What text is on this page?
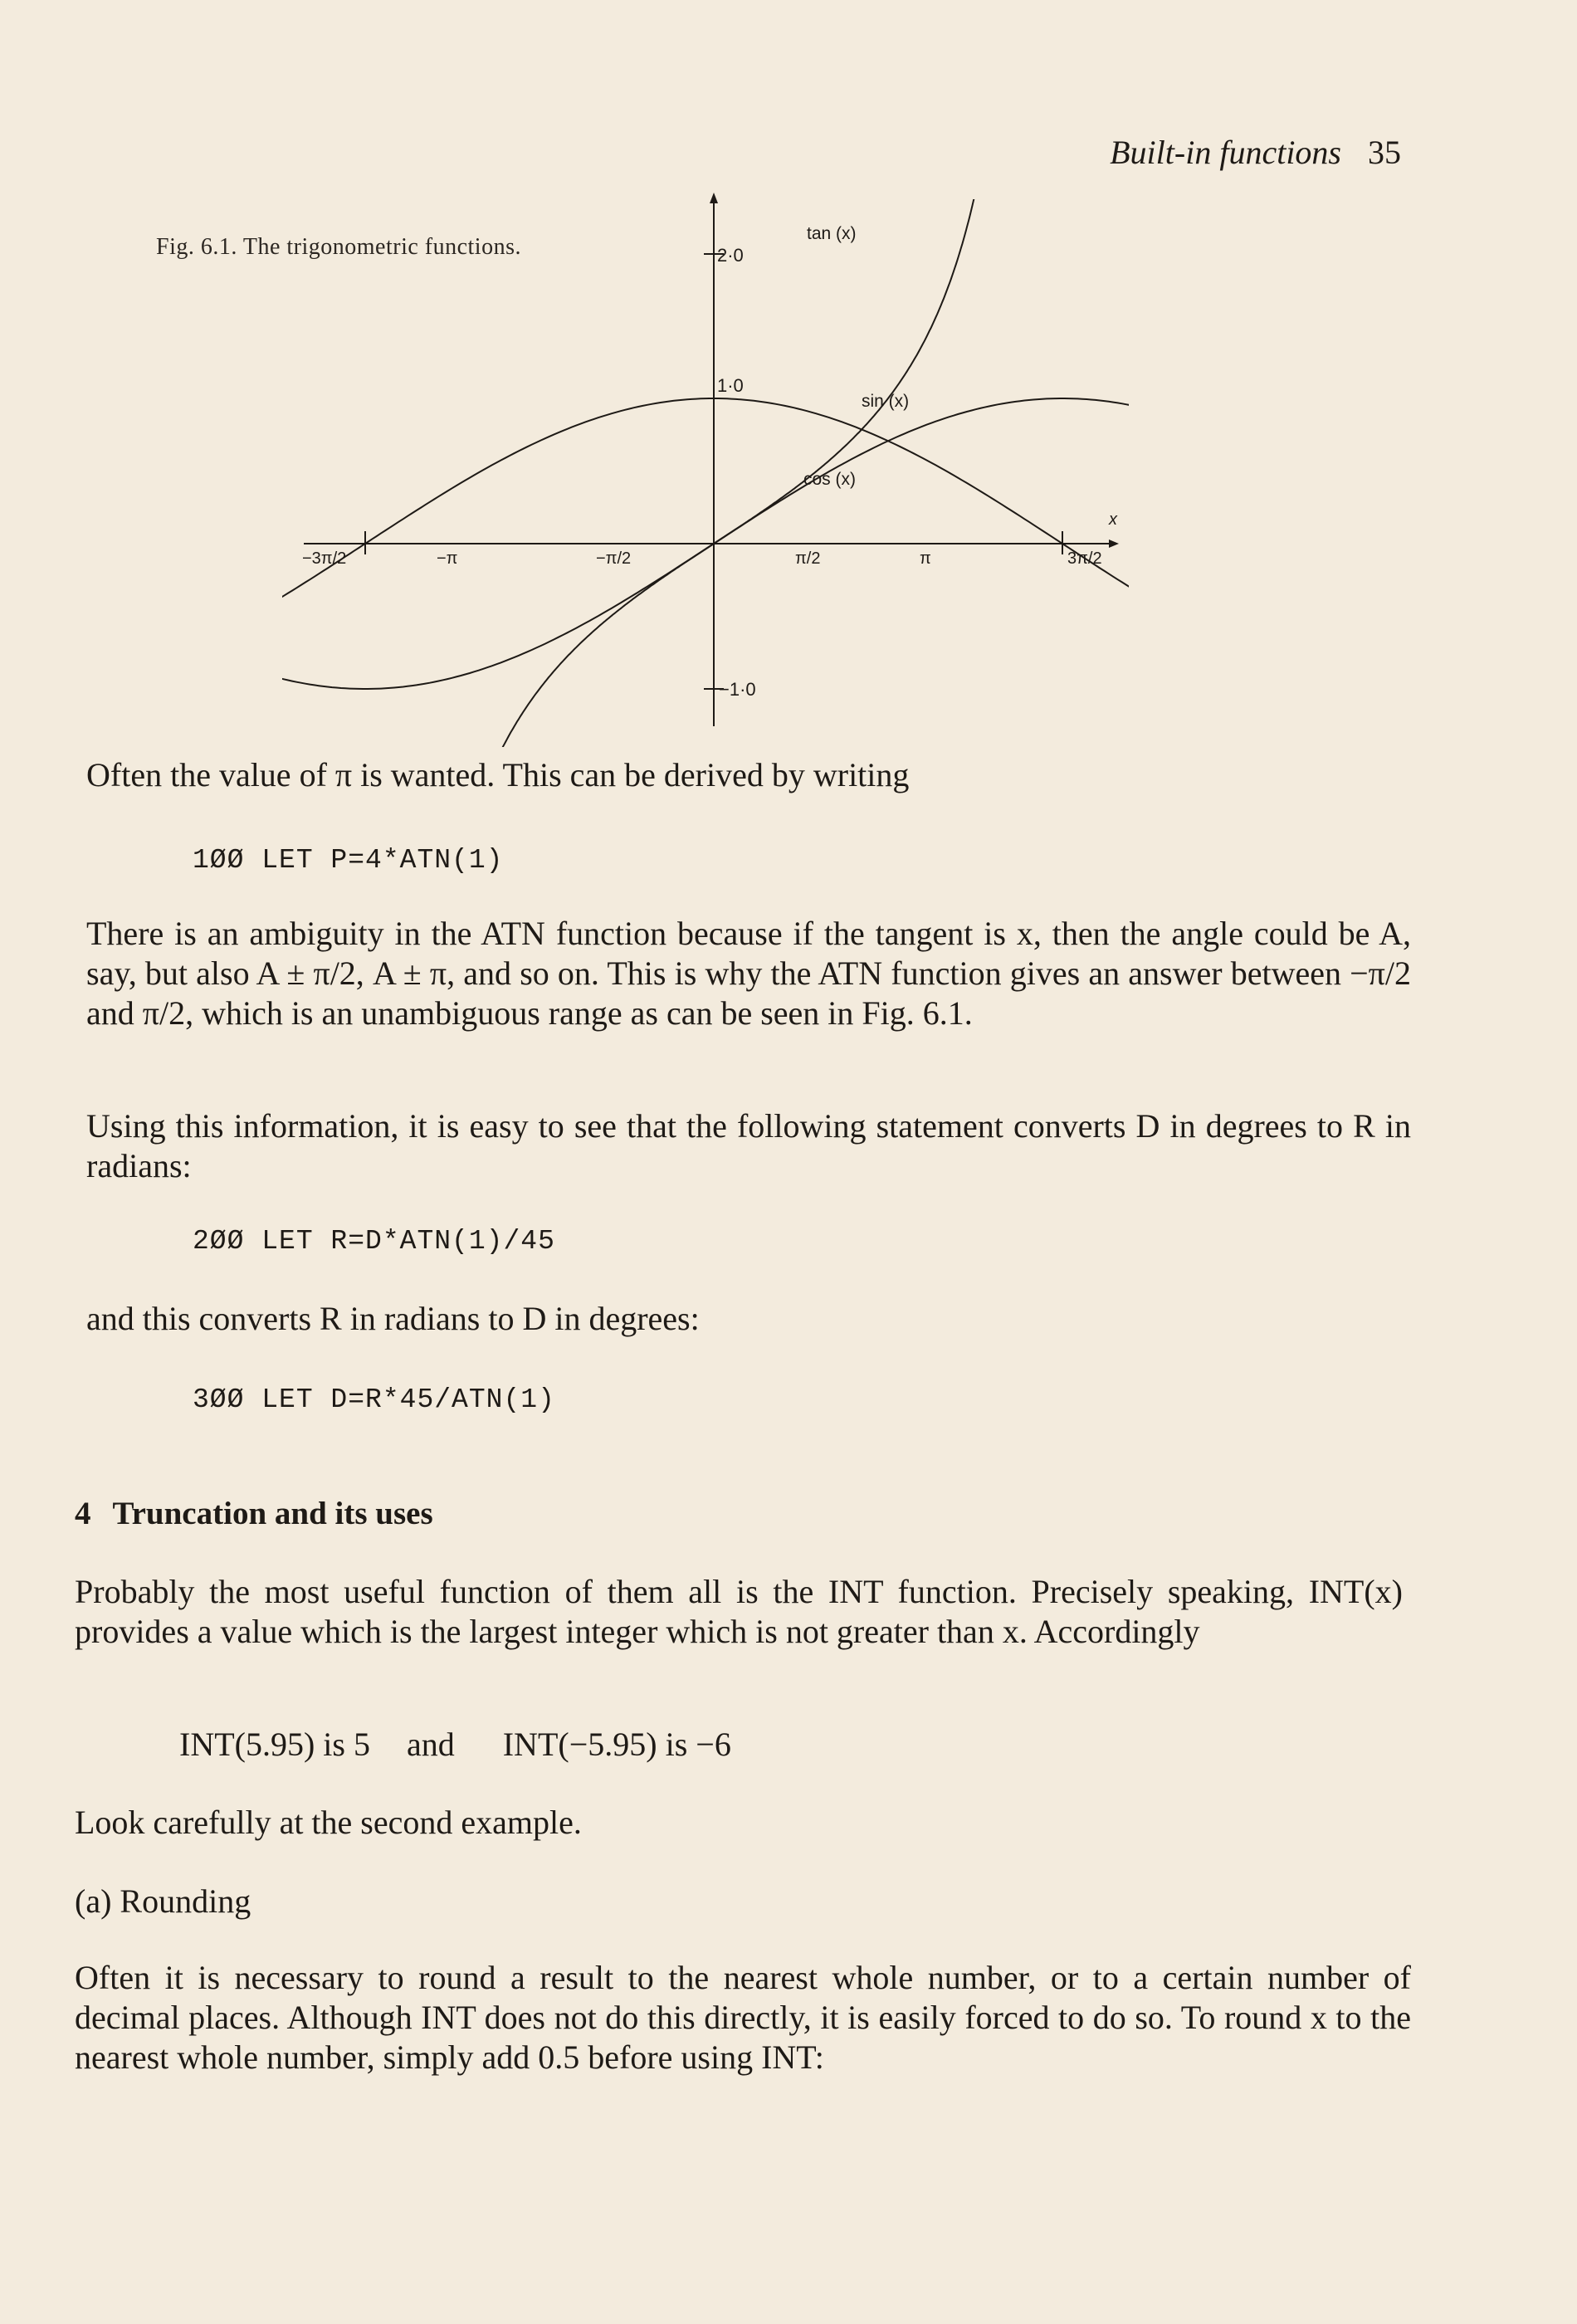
Built-in functions 35
Fig. 6.1. The trigonometric functions.	2·0
1·0
−1·0
−3π/2	−π	−π/2	π/2	π	3π/2
x
tan (x)
sin (x)
cos (x)

Often the value of π is wanted. This can be derived by writing

1ØØ LET P=4*ATN(1)

There is an ambiguity in the ATN function because if the tangent is x, then the angle could be A, say, but also A ± π/2, A ± π, and so on. This is why the ATN function gives an answer between −π/2 and π/2, which is an unambiguous range as can be seen in Fig. 6.1.

Using this information, it is easy to see that the following statement converts D in degrees to R in radians:

2ØØ LET R=D*ATN(1)/45

and this converts R in radians to D in degrees:

3ØØ LET D=R*45/ATN(1)
4 Truncation and its uses

Probably the most useful function of them all is the INT function. Precisely speaking, INT(x) provides a value which is the largest integer which is not greater than x. Accordingly

INT(5.95) is 5 and INT(−5.95) is −6

Look carefully at the second example.

(a) Rounding

Often it is necessary to round a result to the nearest whole number, or to a certain number of decimal places. Although INT does not do this directly, it is easily forced to do so. To round x to the nearest whole number, simply add 0.5 before using INT:
